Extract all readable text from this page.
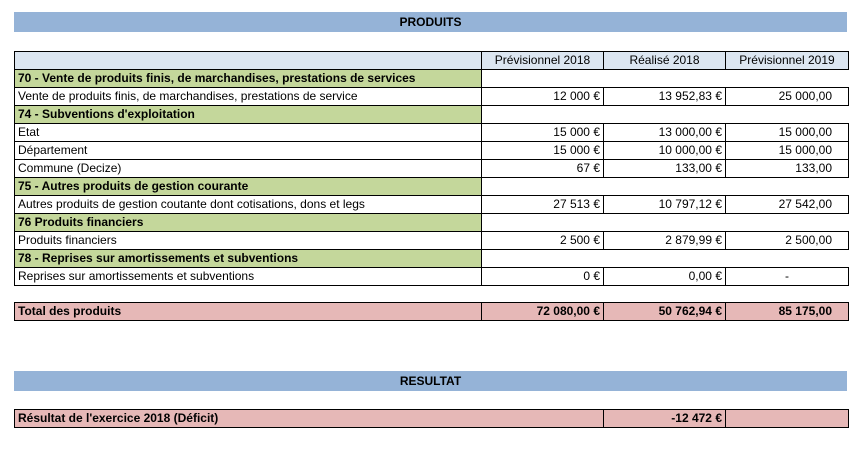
PRODUITS
	Prévisionnel 2018	Réalisé 2018	Prévisionnel 2019
70 - Vente de produits finis, de marchandises, prestations de services			
Vente de produits finis, de marchandises, prestations de service	12 000 €	13 952,83 €	25 000,00
74 - Subventions d'exploitation			
Etat	15 000 €	13 000,00 €	15 000,00
Département	15 000 €	10 000,00 €	15 000,00
Commune (Decize)	67 €	133,00 €	133,00
75 - Autres produits de gestion courante			
Autres produits de gestion coutante dont cotisations, dons et legs	27 513 €	10 797,12 €	27 542,00
76 Produits financiers			
Produits financiers	2 500 €	2 879,99 €	2 500,00
78 - Reprises sur amortissements et subventions			
Reprises sur amortissements et subventions	0 €	0,00 €	-

Total des produits	72 080,00 €	50 762,94 €	85 175,00
RESULTAT
Résultat de l'exercice 2018 (Déficit)	-12 472 €	
